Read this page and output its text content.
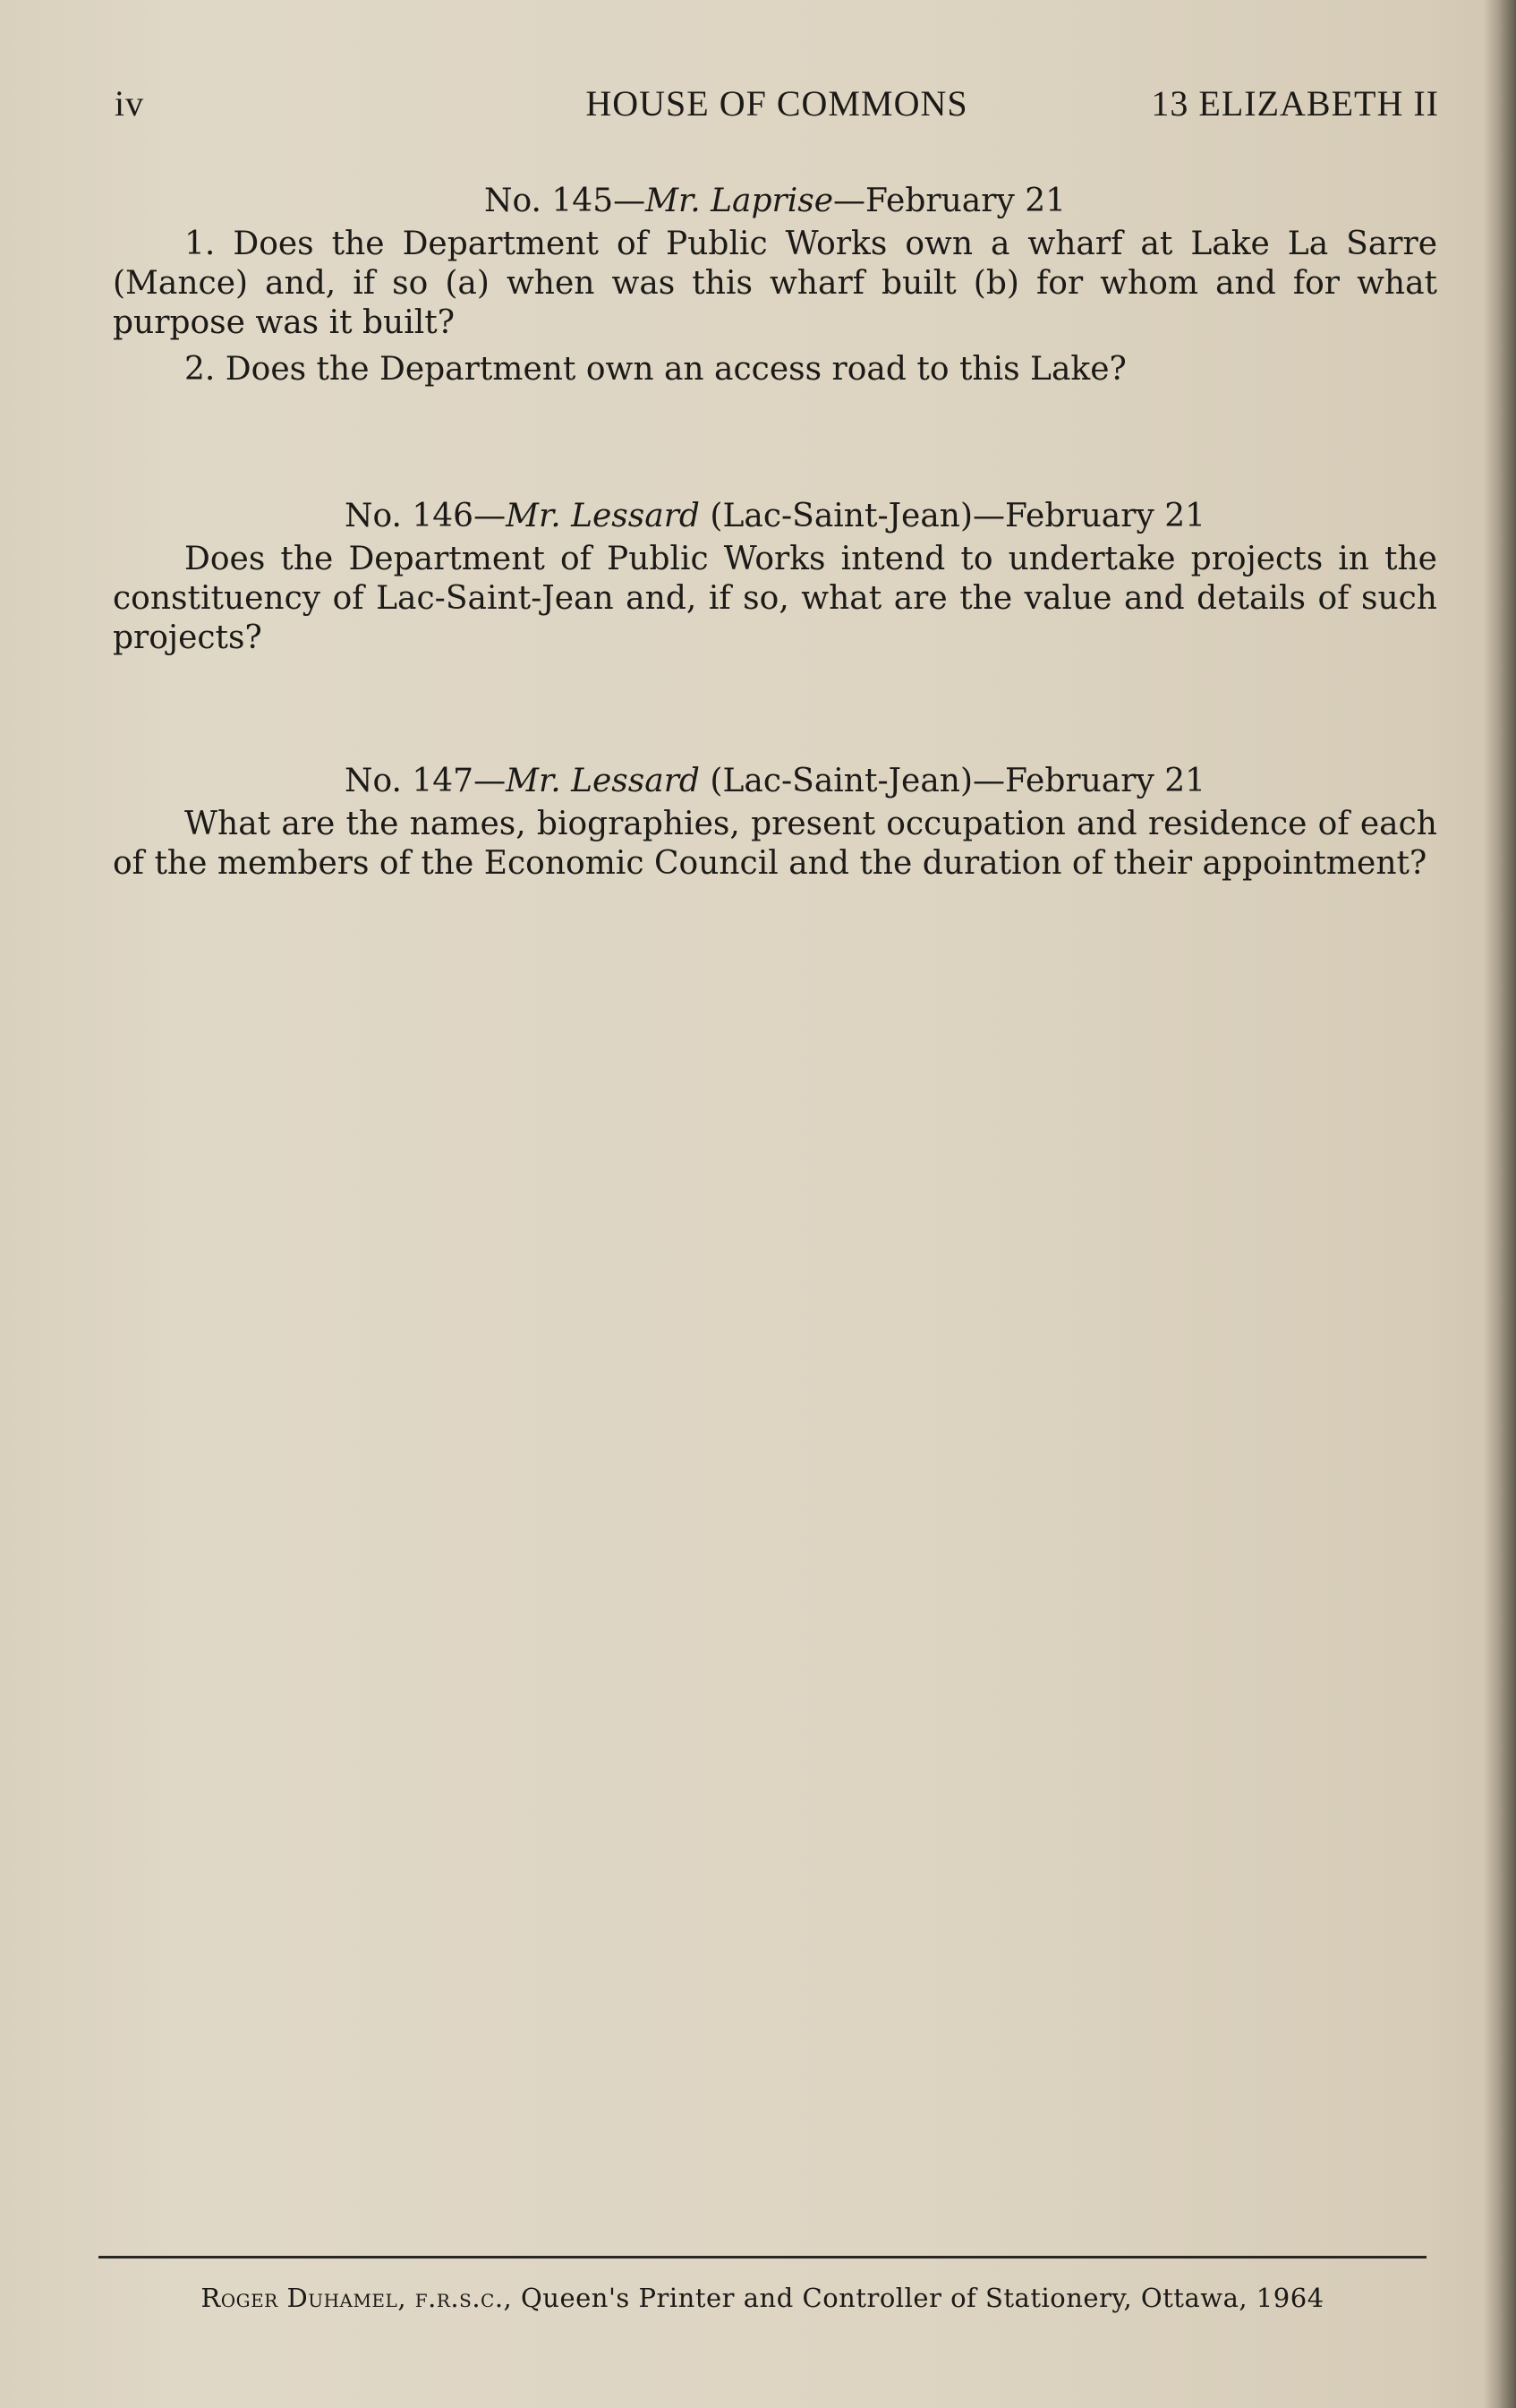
iv	HOUSE OF COMMONS	13 ELIZABETH II
No. 145—Mr. Laprise—February 21

1. Does the Department of Public Works own a wharf at Lake La Sarre (Mance) and, if so (a) when was this wharf built (b) for whom and for what purpose was it built?

2. Does the Department own an access road to this Lake?

No. 146—Mr. Lessard (Lac-Saint-Jean)—February 21

Does the Department of Public Works intend to undertake projects in the constituency of Lac-Saint-Jean and, if so, what are the value and details of such projects?

No. 147—Mr. Lessard (Lac-Saint-Jean)—February 21

What are the names, biographies, present occupation and residence of each of the members of the Economic Council and the duration of their appointment?

Roger Duhamel, f.r.s.c., Queen's Printer and Controller of Stationery, Ottawa, 1964
